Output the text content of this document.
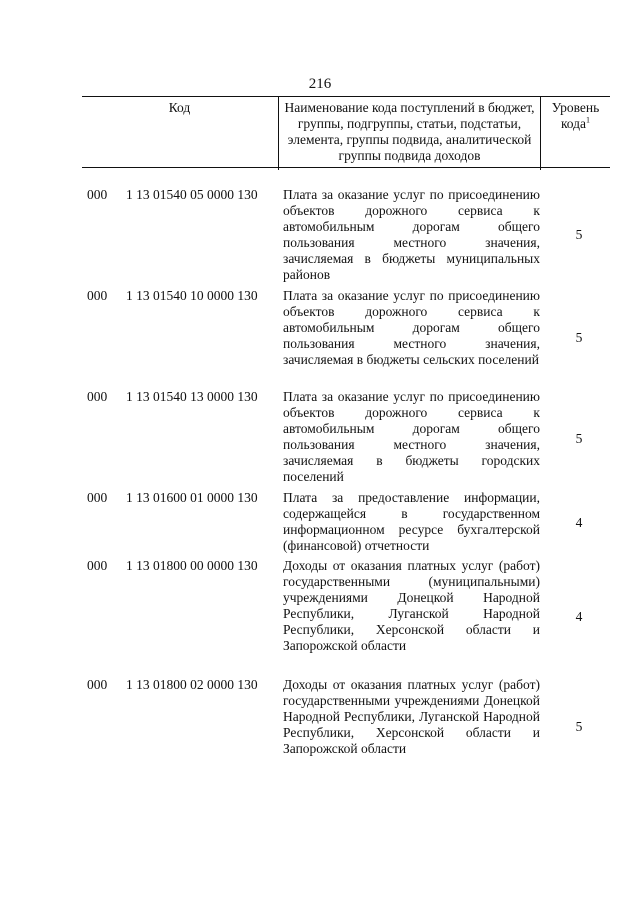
216
Код	Наименование кода поступлений в бюджет, группы, подгруппы, статьи, подстатьи, элемента, группы подвида, аналитической группы подвида доходов
Уровень кода$^1$
000 1 13 01540 05 0000 130 Плата за оказание услуг по присоединению объектов дорожного сервиса к автомобильным дорогам общего пользования местного значения, зачисляемая в бюджеты муниципальных районов
5
000 1 13 01540 10 0000 130 Плата за оказание услуг по присоединению объектов дорожного сервиса к автомобильным дорогам общего пользования местного значения, зачисляемая в бюджеты сельских поселений
5
000 1 13 01540 13 0000 130 Плата за оказание услуг по присоединению объектов дорожного сервиса к автомобильным дорогам общего пользования местного значения, зачисляемая в бюджеты городских поселений
5
000 1 13 01600 01 0000 130 Плата за предоставление информации, содержащейся в государственном информационном ресурсе бухгалтерской (финансовой) отчетности
4
000 1 13 01800 00 0000 130 Доходы от оказания платных услуг (работ) государственными (муниципальными) учреждениями Донецкой Народной Республики, Луганской Народной Республики, Херсонской области и Запорожской области
4
000 1 13 01800 02 0000 130 Доходы от оказания платных услуг (работ) государственными учреждениями Донецкой Народной Республики, Луганской Народной Республики, Херсонской области и Запорожской области
5
